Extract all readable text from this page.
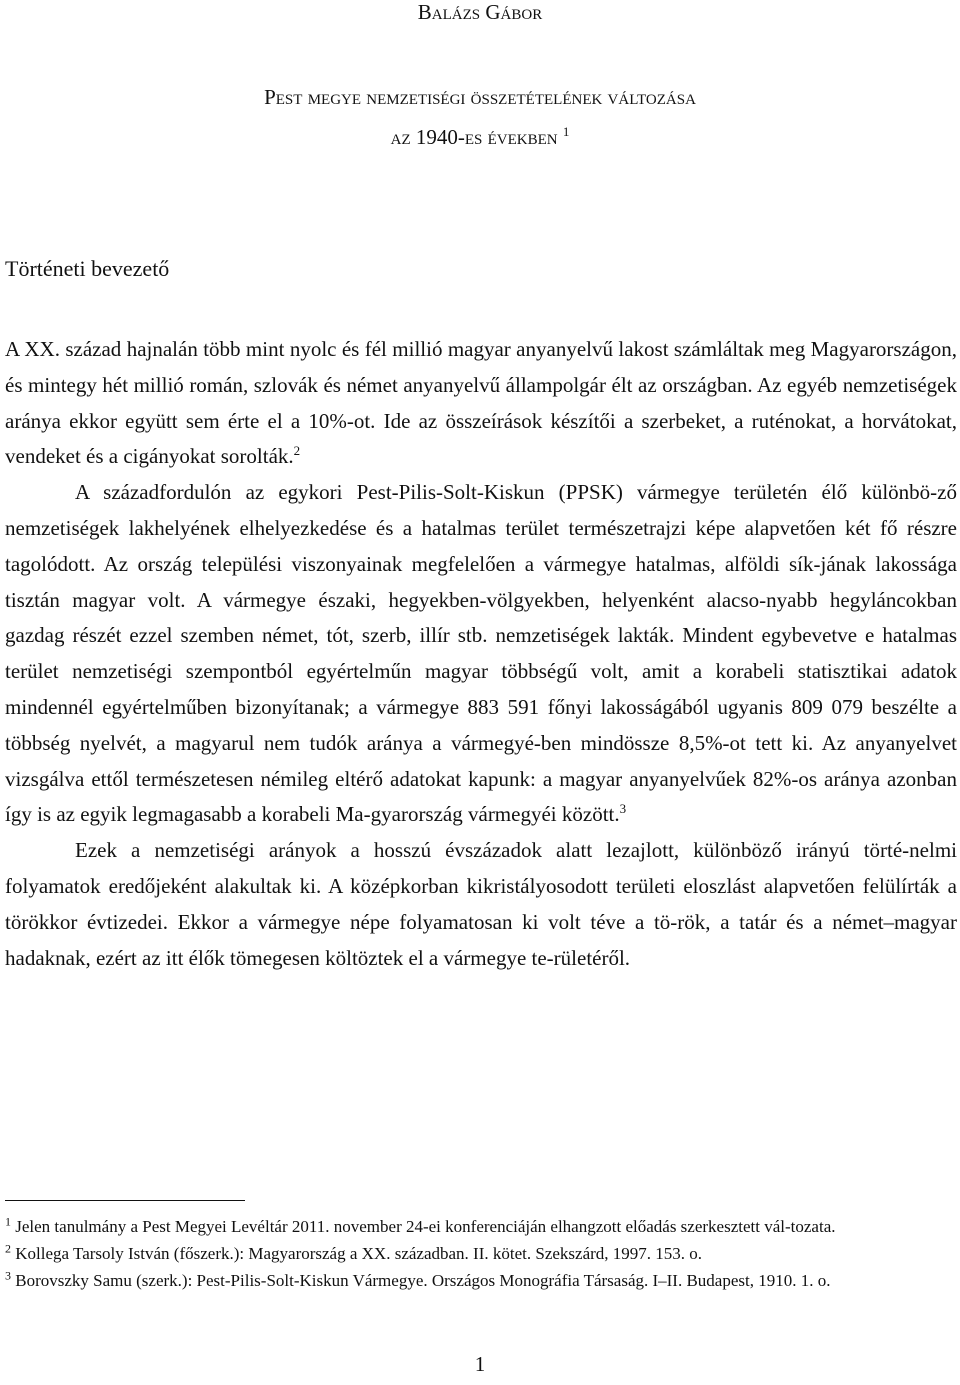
Balázs Gábor
Pest megye nemzetiségi összetételének változása
az 1940-es években $^1$
Történeti bevezető

A XX. század hajnalán több mint nyolc és fél millió magyar anyanyelvű lakost számláltak meg Magyarországon, és mintegy hét millió román, szlovák és német anyanyelvű állampolgár élt az országban. Az egyéb nemzetiségek aránya ekkor együtt sem érte el a 10%-ot. Ide az összeírások készítői a szerbeket, a ruténokat, a horvátokat, vendeket és a cigányokat sorolták.$^2$

A századfordulón az egykori Pest-Pilis-Solt-Kiskun (PPSK) vármegye területén élő különbö-ző nemzetiségek lakhelyének elhelyezkedése és a hatalmas terület természetrajzi képe alapvetően két fő részre tagolódott. Az ország települési viszonyainak megfelelően a vármegye hatalmas, alföldi sík-jának lakossága tisztán magyar volt. A vármegye északi, hegyekben-völgyekben, helyenként alacso-nyabb hegyláncokban gazdag részét ezzel szemben német, tót, szerb, illír stb. nemzetiségek lakták. Mindent egybevetve e hatalmas terület nemzetiségi szempontból egyértelműn magyar többségű volt, amit a korabeli statisztikai adatok mindennél egyértelműben bizonyítanak; a vármegye 883 591 főnyi lakosságából ugyanis 809 079 beszélte a többség nyelvét, a magyarul nem tudók aránya a vármegyé-ben mindössze 8,5%-ot tett ki. Az anyanyelvet vizsgálva ettől természetesen némileg eltérő adatokat kapunk: a magyar anyanyelvűek 82%-os aránya azonban így is az egyik legmagasabb a korabeli Ma-gyarország vármegyéi között.$^3$

Ezek a nemzetiségi arányok a hosszú évszázadok alatt lezajlott, különböző irányú törté-nelmi folyamatok eredőjeként alakultak ki. A középkorban kikristályosodott területi eloszlást alapvetően felülírták a törökkor évtizedei. Ekkor a vármegye népe folyamatosan ki volt téve a tö-rök, a tatár és a német–magyar hadaknak, ezért az itt élők tömegesen költöztek el a vármegye te-rületéről.

$^1$ Jelen tanulmány a Pest Megyei Levéltár 2011. november 24-ei konferenciáján elhangzott előadás szerkesztett vál-tozata.

$^2$ Kollega Tarsoly István (főszerk.): Magyarország a XX. században. II. kötet. Szekszárd, 1997. 153. o.

$^3$ Borovszky Samu (szerk.): Pest-Pilis-Solt-Kiskun Vármegye. Országos Monográfia Társaság. I–II. Budapest, 1910. 1. o.

1
